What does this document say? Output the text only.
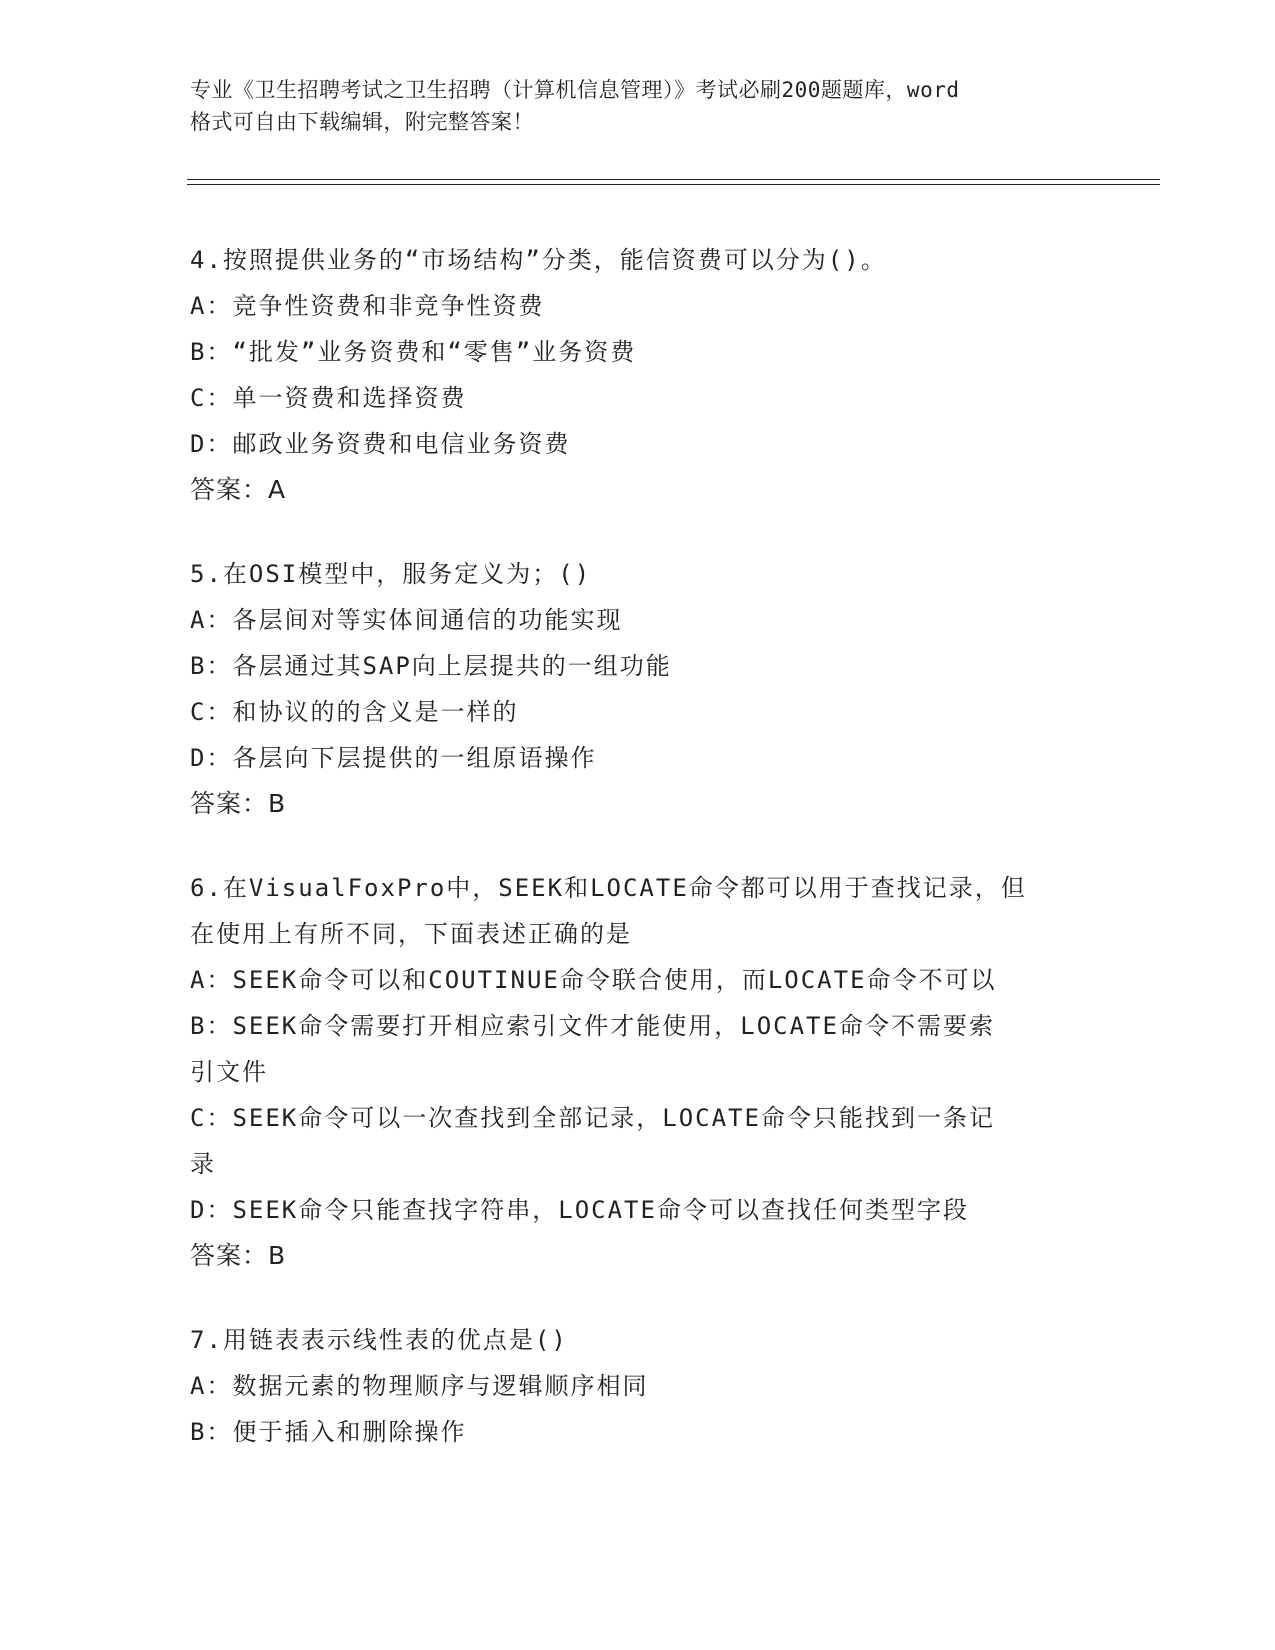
专业《卫生招聘考试之卫生招聘（计算机信息管理）》考试必刷200题题库，word
格式可自由下载编辑，附完整答案！
4.按照提供业务的“市场结构”分类，能信资费可以分为()。
A：竞争性资费和非竞争性资费
B：“批发”业务资费和“零售”业务资费
C：单一资费和选择资费
D：邮政业务资费和电信业务资费
答案：A
5.在OSI模型中，服务定义为；()
A：各层间对等实体间通信的功能实现
B：各层通过其SAP向上层提共的一组功能
C：和协议的的含义是一样的
D：各层向下层提供的一组原语操作
答案：B
6.在VisualFoxPro中，SEEK和LOCATE命令都可以用于查找记录，但
在使用上有所不同，下面表述正确的是
A：SEEK命令可以和COUTINUE命令联合使用，而LOCATE命令不可以
B：SEEK命令需要打开相应索引文件才能使用，LOCATE命令不需要索
引文件
C：SEEK命令可以一次查找到全部记录，LOCATE命令只能找到一条记
录
D：SEEK命令只能查找字符串，LOCATE命令可以查找任何类型字段
答案：B
7.用链表表示线性表的优点是()
A：数据元素的物理顺序与逻辑顺序相同
B：便于插入和删除操作
